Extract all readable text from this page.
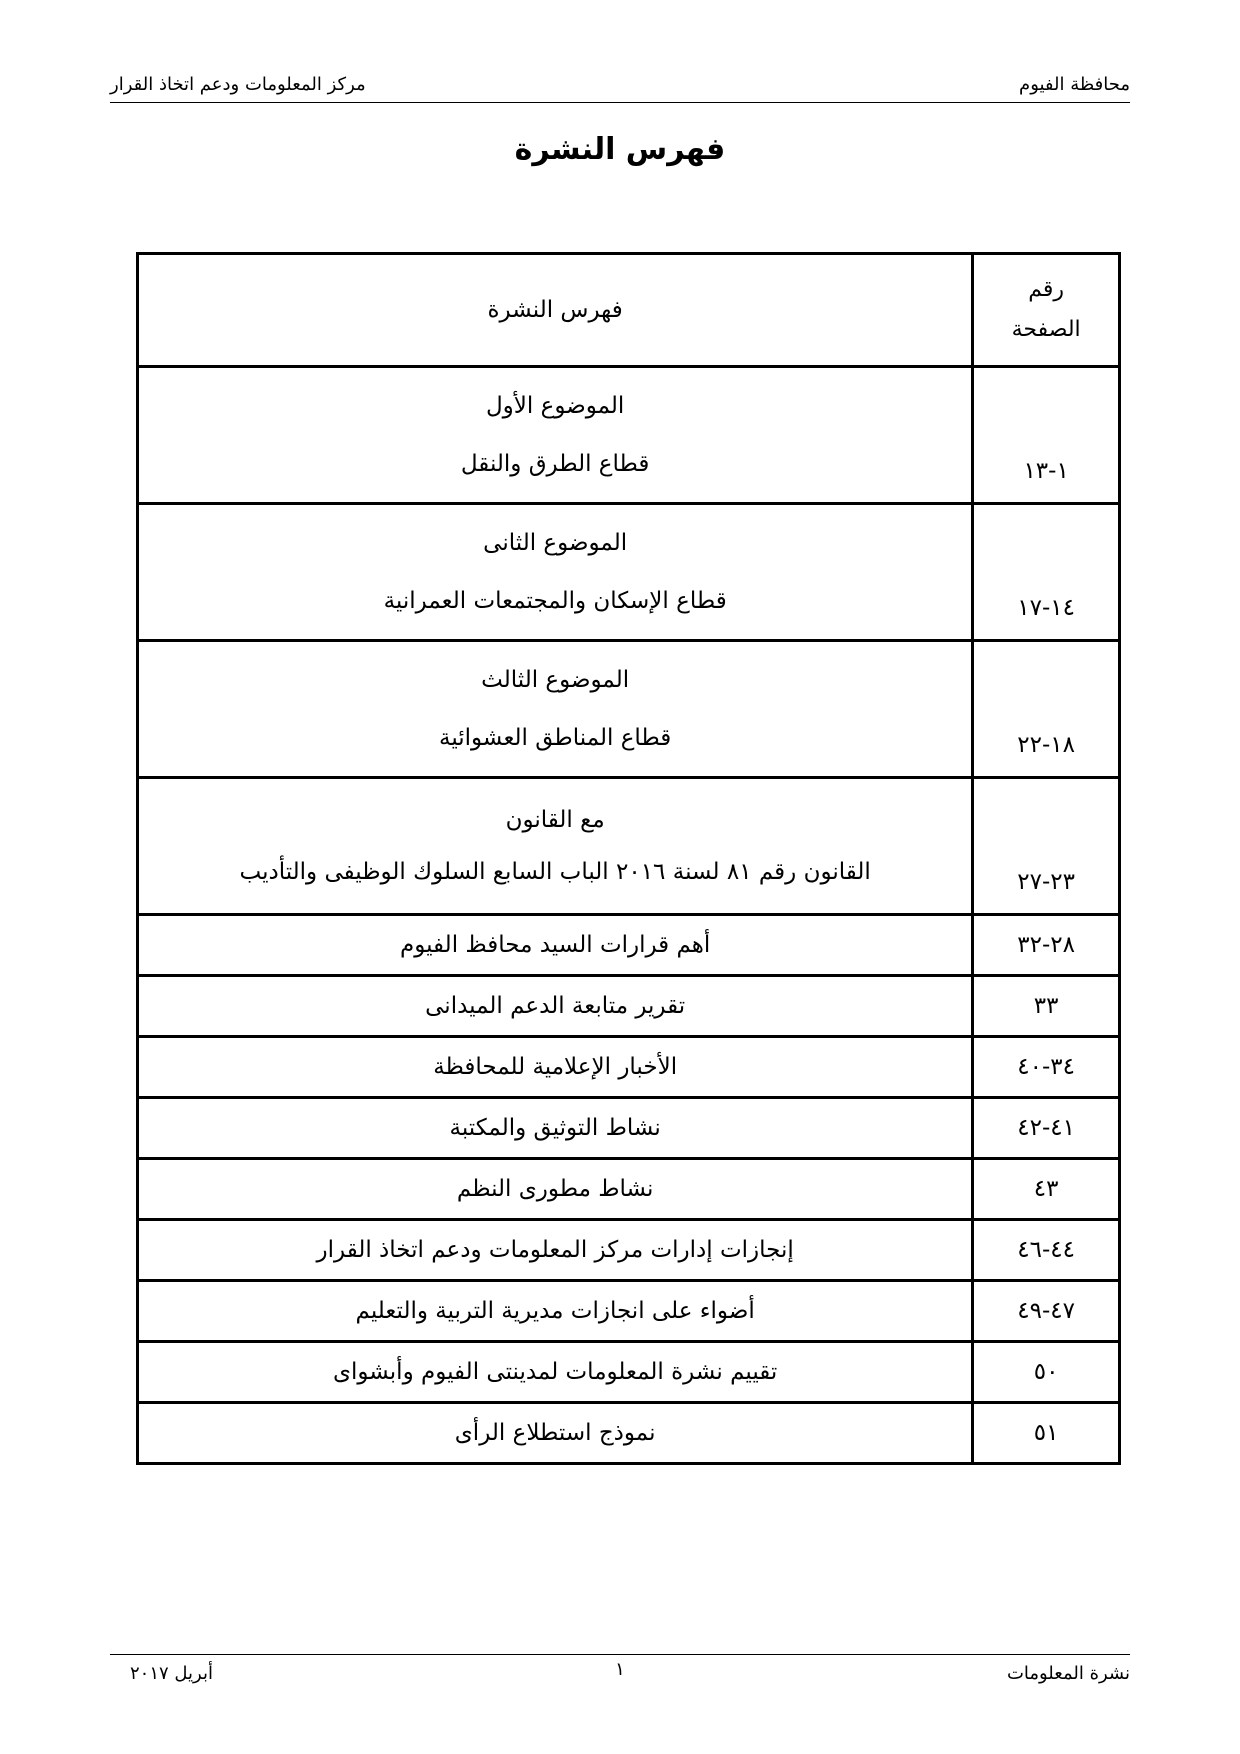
محافظة الفيوم
مركز المعلومات ودعم اتخاذ القرار
فهرس النشرة
رقم
الصفحة	فهرس النشرة
١-١٣	الموضوع الأول
قطاع الطرق والنقل

١٤-١٧	الموضوع الثانى
قطاع الإسكان والمجتمعات العمرانية

١٨-٢٢	الموضوع الثالث
قطاع المناطق العشوائية

٢٣-٢٧	مع القانون
القانون رقم ٨١ لسنة ٢٠١٦ الباب السابع السلوك الوظيفى والتأديب

٢٨-٣٢	أهم قرارات السيد محافظ الفيوم
٣٣	تقرير متابعة الدعم الميدانى
٣٤-٤٠	الأخبار الإعلامية للمحافظة
٤١-٤٢	نشاط التوثيق والمكتبة
٤٣	نشاط مطورى النظم
٤٤-٤٦	إنجازات إدارات مركز المعلومات ودعم اتخاذ القرار
٤٧-٤٩	أضواء على انجازات مديرية التربية والتعليم
٥٠	تقييم نشرة المعلومات لمدينتى الفيوم وأبشواى
٥١	نموذج استطلاع الرأى
نشرة المعلومات
١
أبريل ٢٠١٧
